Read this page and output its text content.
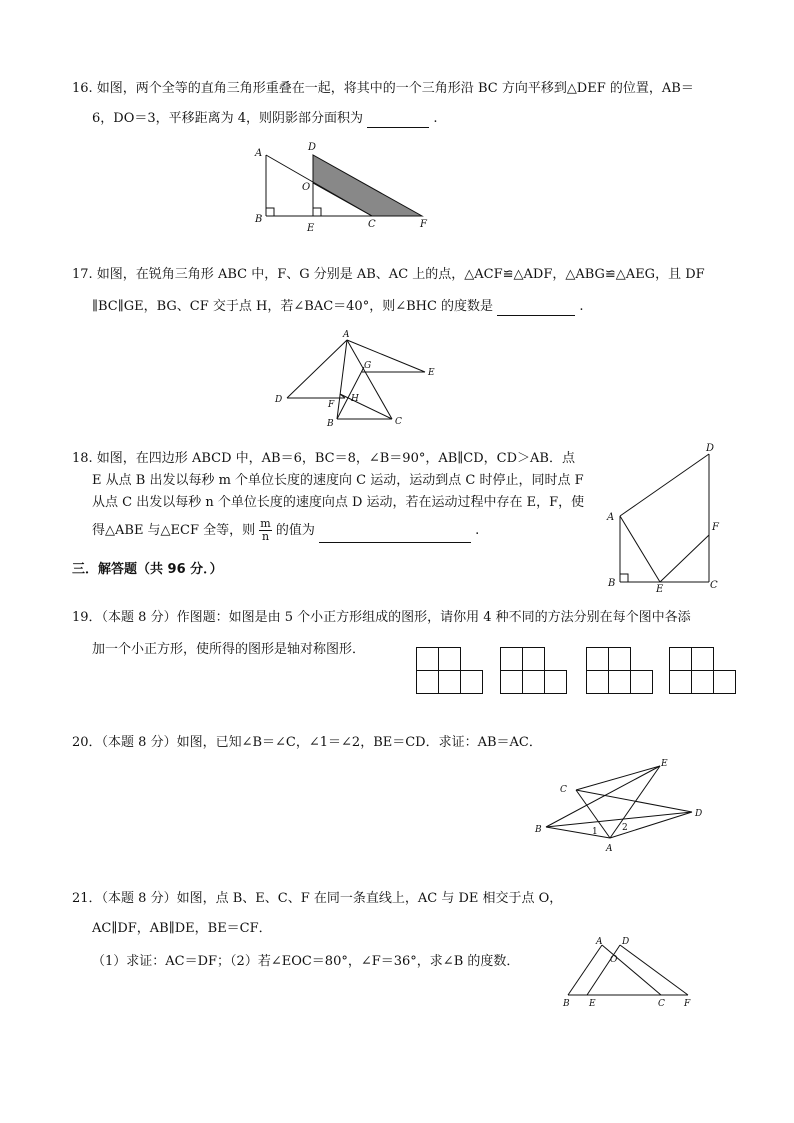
16. 如图，两个全等的直角三角形重叠在一起，将其中的一个三角形沿 BC 方向平移到△DEF 的位置，AB＝
6，DO＝3，平移距离为 4，则阴影部分面积为	.
A
B
D
O
E	C	F
17. 如图，在锐角三角形 ABC 中，F、G 分别是 AB、AC 上的点，△ACF≌△ADF，△ABG≌△AEG，且 DF
∥BC∥GE，BG、CF 交于点 H，若∠BAC＝40°，则∠BHC 的度数是	.
A
D
G
E
F
H
B	C
18. 如图，在四边形 ABCD 中，AB＝6，BC＝8，∠B＝90°，AB∥CD，CD＞AB．点
E 从点 B 出发以每秒 m 个单位长度的速度向 C 运动，运动到点 C 时停止，同时点 F
从点 C 出发以每秒 n 个单位长度的速度向点 D 运动，若在运动过程中存在 E，F，使
得△ABE 与△ECF 全等，则 $\frac{m}{n}$ 的值为	.
D
A
F
B
E	C
三．解答题（共 96 分．）
19．（本题 8 分）作图题：如图是由 5 个小正方形组成的图形，请你用 4 种不同的方法分别在每个图中各添
加一个小正方形，使所得的图形是轴对称图形．
20．（本题 8 分）如图，已知∠B＝∠C，∠1＝∠2，BE＝CD．求证：AB＝AC．
E
C
D
B
A
1	2
21．（本题 8 分）如图，点 B、E、C、F 在同一条直线上，AC 与 DE 相交于点 O，
AC∥DF，AB∥DE，BE＝CF．
（1）求证：AC＝DF；（2）若∠EOC＝80°，∠F＝36°，求∠B 的度数．
A D
O
B E	C F
